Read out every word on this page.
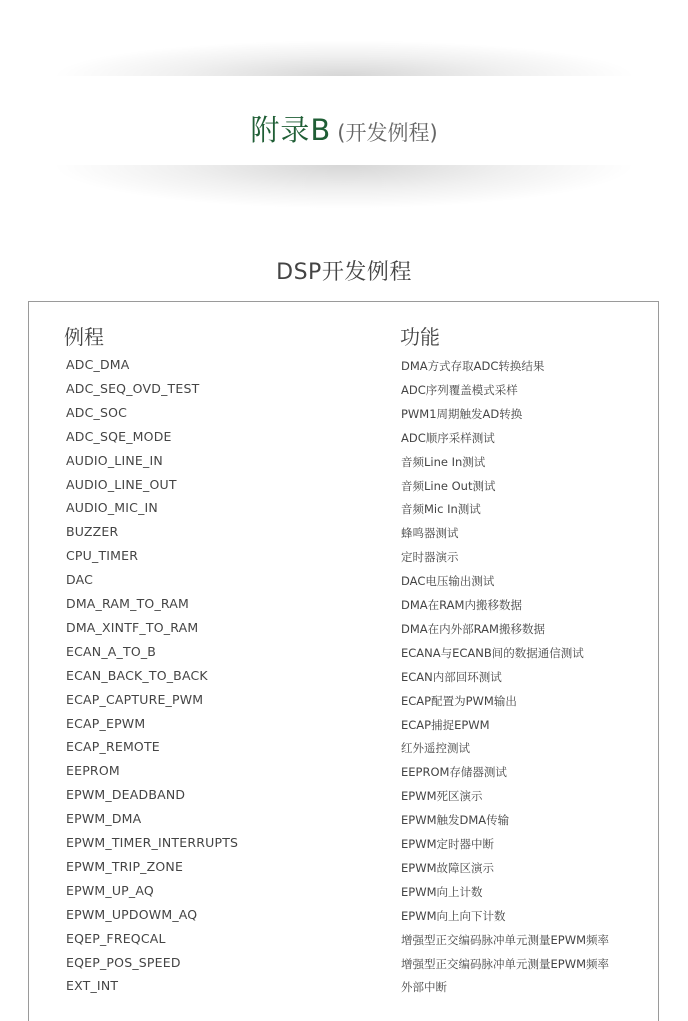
附录B (开发例程)
DSP开发例程
例程	功能
ADC_DMA	DMA方式存取ADC转换结果
ADC_SEQ_OVD_TEST	ADC序列覆盖模式采样
ADC_SOC	PWM1周期触发AD转换
ADC_SQE_MODE	ADC顺序采样测试
AUDIO_LINE_IN	音频Line In测试
AUDIO_LINE_OUT	音频Line Out测试
AUDIO_MIC_IN	音频Mic In测试
BUZZER	蜂鸣器测试
CPU_TIMER	定时器演示
DAC	DAC电压输出测试
DMA_RAM_TO_RAM	DMA在RAM内搬移数据
DMA_XINTF_TO_RAM	DMA在内外部RAM搬移数据
ECAN_A_TO_B	ECANA与ECANB间的数据通信测试
ECAN_BACK_TO_BACK	ECAN内部回环测试
ECAP_CAPTURE_PWM	ECAP配置为PWM输出
ECAP_EPWM	ECAP捕捉EPWM
ECAP_REMOTE	红外遥控测试
EEPROM	EEPROM存储器测试
EPWM_DEADBAND	EPWM死区演示
EPWM_DMA	EPWM触发DMA传输
EPWM_TIMER_INTERRUPTS	EPWM定时器中断
EPWM_TRIP_ZONE	EPWM故障区演示
EPWM_UP_AQ	EPWM向上计数
EPWM_UPDOWM_AQ	EPWM向上向下计数
EQEP_FREQCAL	增强型正交编码脉冲单元测量EPWM频率
EQEP_POS_SPEED	增强型正交编码脉冲单元测量EPWM频率
EXT_INT	外部中断
